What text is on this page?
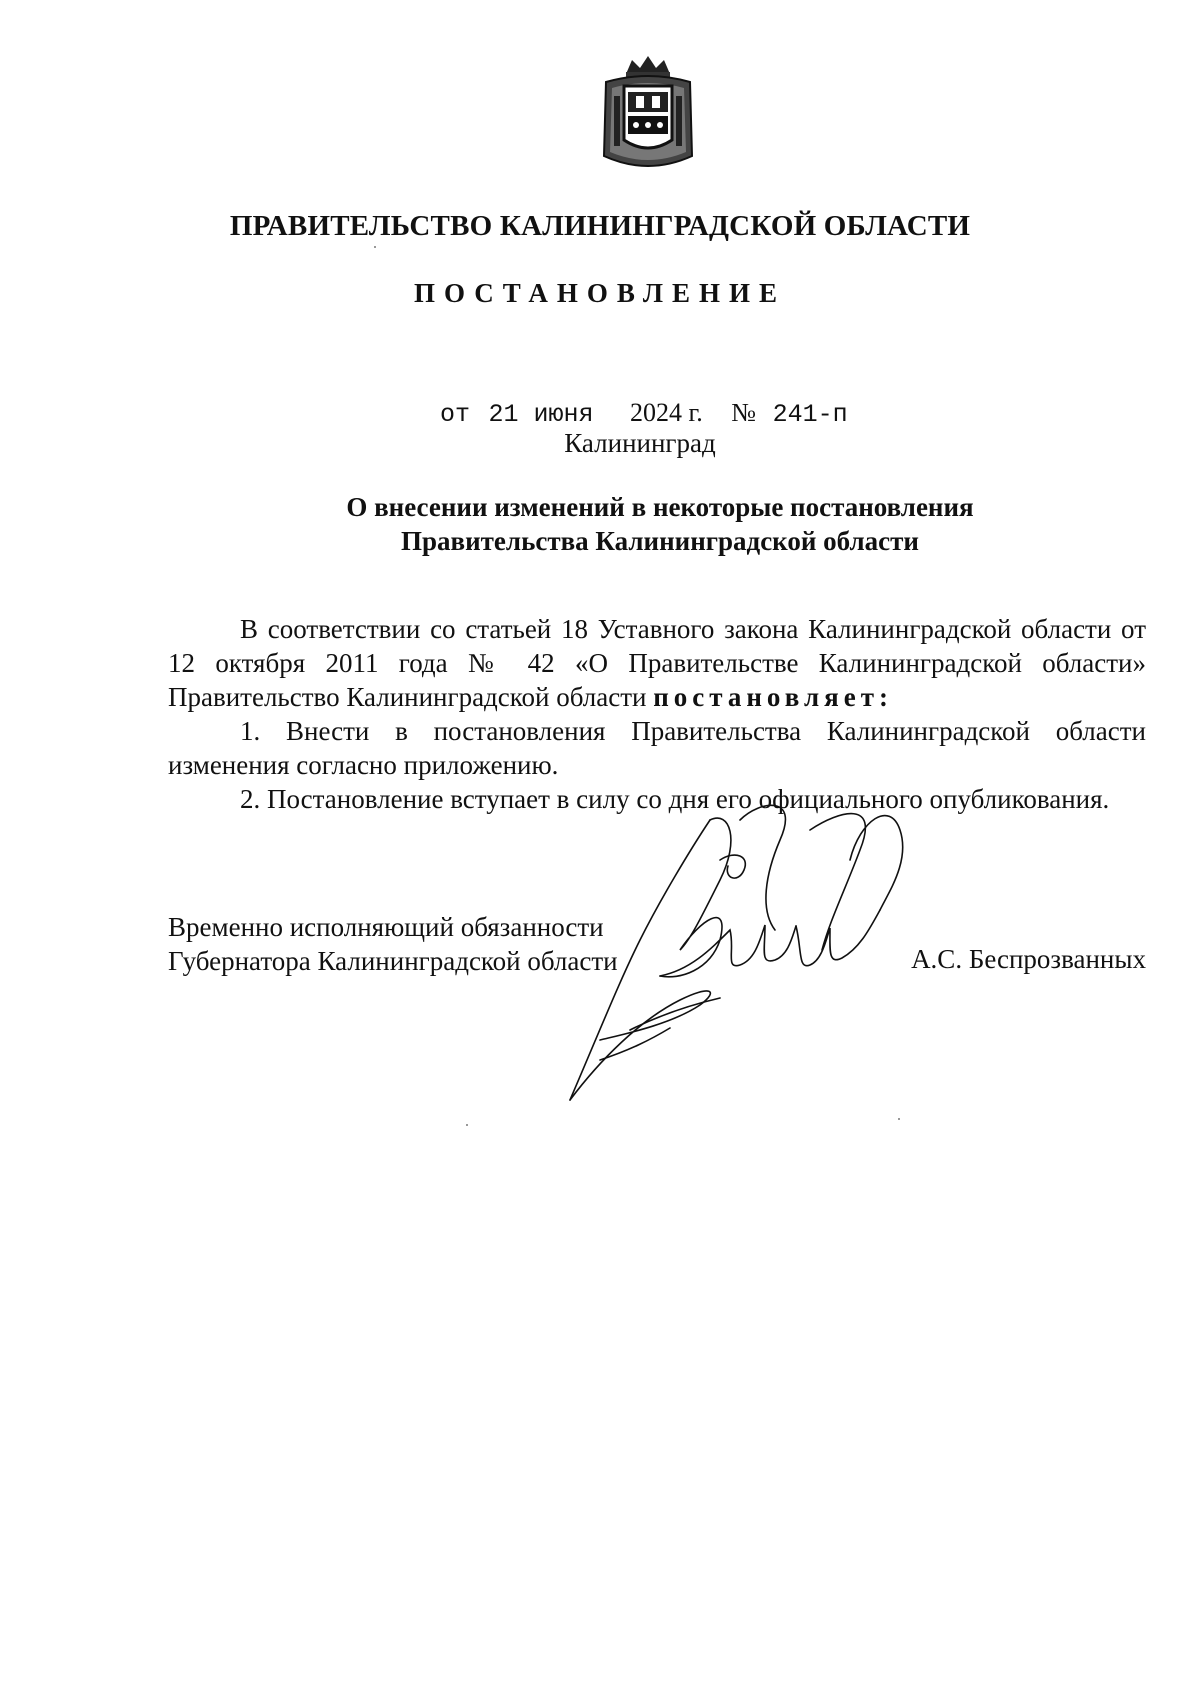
ПРАВИТЕЛЬСТВО КАЛИНИНГРАДСКОЙ ОБЛАСТИ
ПОСТАНОВЛЕНИЕ
от 21 июня 2024 г. № 241-п
Калининград
О внесении изменений в некоторые постановления
Правительства Калининградской области

В соответствии со статьей 18 Уставного закона Калининградской области от 12 октября 2011 года № 42 «О Правительстве Калининградской области» Правительство Калининградской области постановляет:

1. Внести в постановления Правительства Калининградской области изменения согласно приложению.

2. Постановление вступает в силу со дня его официального опубликования.

Временно исполняющий обязанности
Губернатора Калининградской области	А.С. Беспрозванных
